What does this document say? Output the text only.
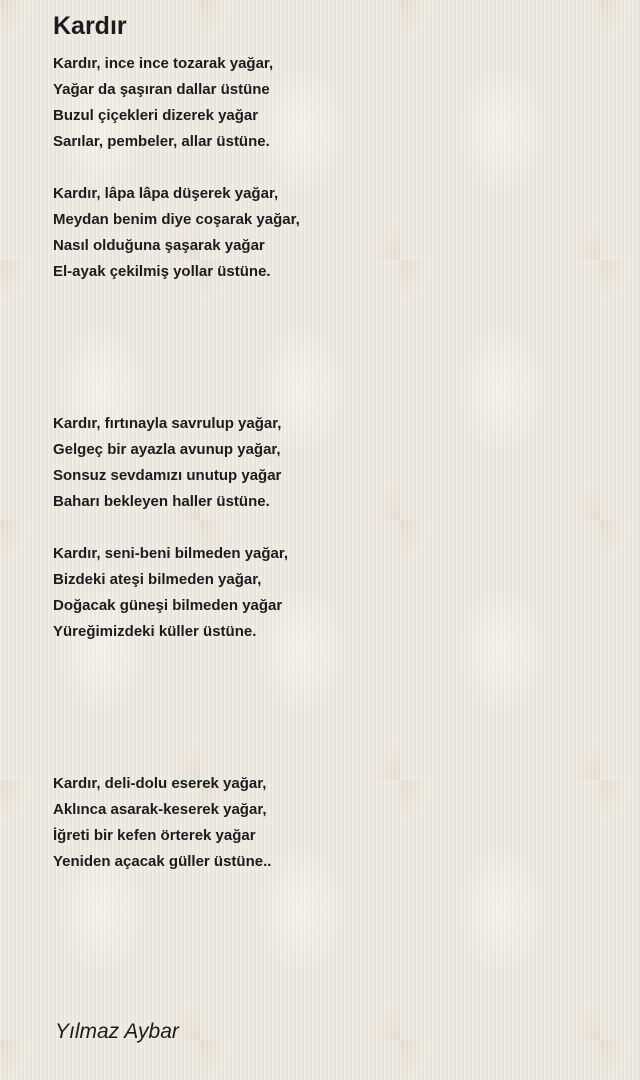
Kardır

Kardır, ince ince tozarak yağar,

Yağar da şaşıran dallar üstüne

Buzul çiçekleri dizerek yağar

Sarılar, pembeler, allar üstüne.

Kardır, lâpa lâpa düşerek yağar,

Meydan benim diye coşarak yağar,

Nasıl olduğuna şaşarak yağar

El-ayak çekilmiş yollar üstüne.

Kardır, fırtınayla savrulup yağar,

Gelgeç bir ayazla avunup yağar,

Sonsuz sevdamızı unutup yağar

Baharı bekleyen haller üstüne.

Kardır, seni-beni bilmeden yağar,

Bizdeki ateşi bilmeden yağar,

Doğacak güneşi bilmeden yağar

Yüreğimizdeki küller üstüne.

Kardır, deli-dolu eserek yağar,

Aklınca asarak-keserek yağar,

İğreti bir kefen örterek yağar

Yeniden açacak güller üstüne..

Yılmaz Aybar
